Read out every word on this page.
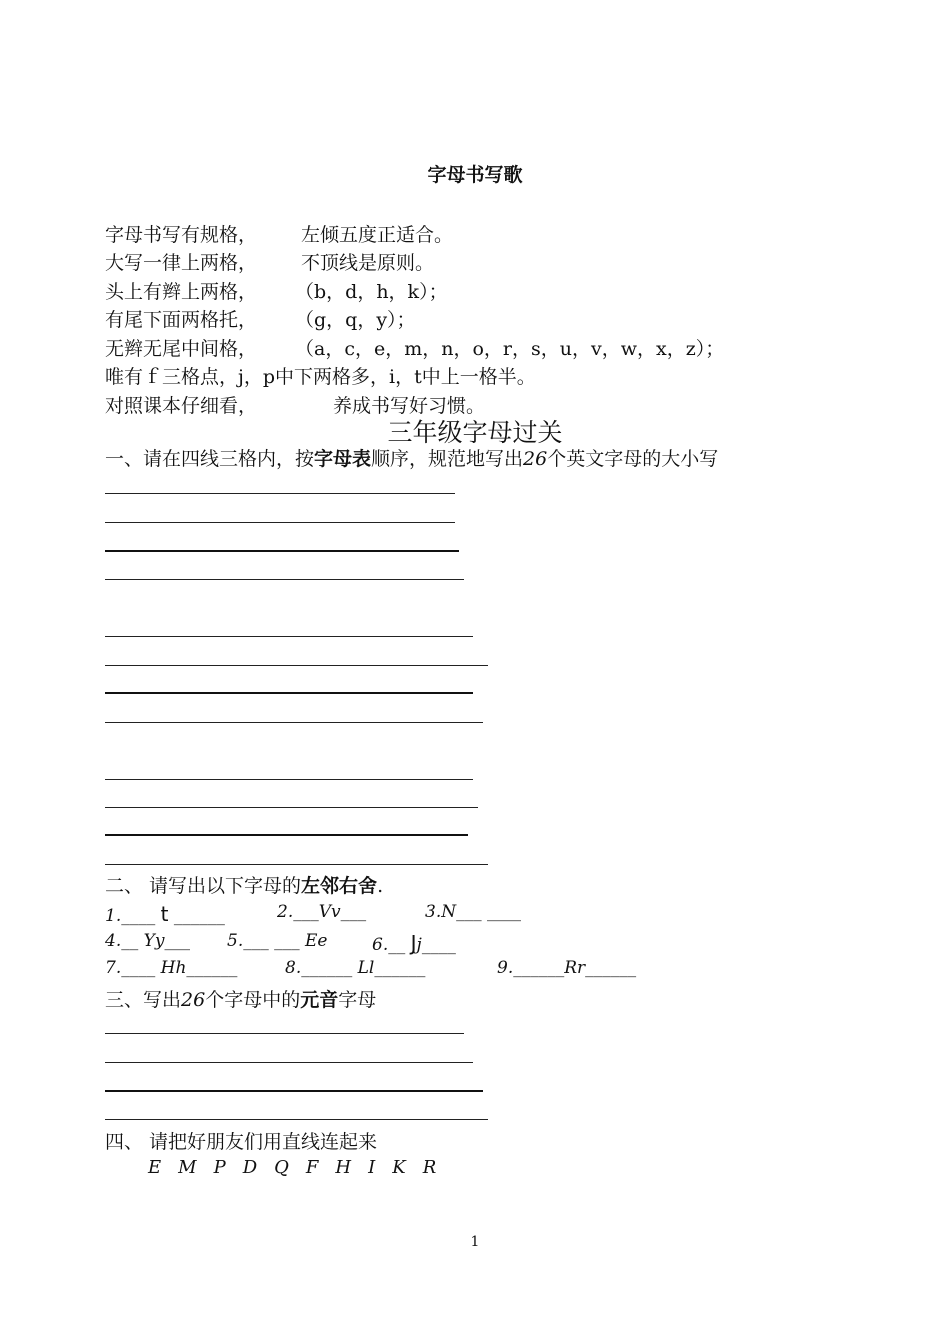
字母书写歌
字母书写有规格， 左倾五度正适合。
大写一律上两格， 不顶线是原则。
头上有辫上两格， （b，d，h，k）；
有尾下面两格托， （g，q，y）；
无辫无尾中间格， （a，c，e，m，n，o，r，s，u，v，w，x，z）；
唯有ｆ三格点，j，p中下两格多，i，t中上一格半。
对照课本仔细看，	养成书写好习惯。
三年级字母过关
一、请在四线三格内，按字母表顺序，规范地写出26个英文字母的大小写
二、 请写出以下字母的左邻右舍.
1.____ t ______	2.___Vv___	3.N___ ____
4.__ Yy___ 5.___ ___ Ee	6.__ Jj____
7.____ Hh______	8.______ Ll______	9.______Rr______
三、写出26个字母中的元音字母
四、 请把好朋友们用直线连起来
E M P D Q F H I K R
1
